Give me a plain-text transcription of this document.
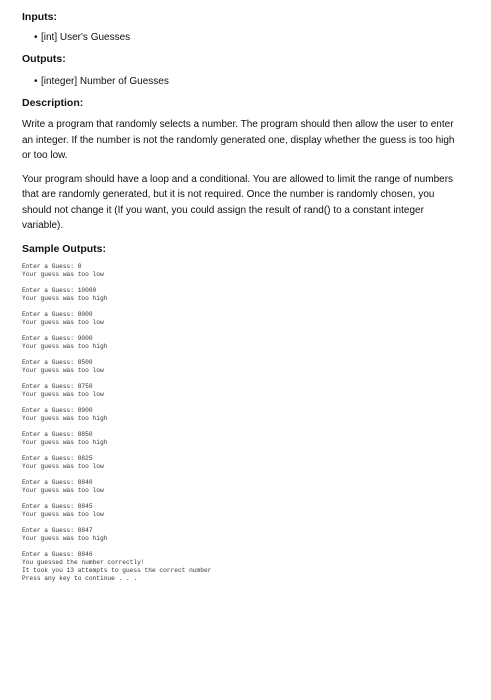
Inputs:

• [int] User's Guesses

Outputs:

• [integer] Number of Guesses

Description:

Write a program that randomly selects a number. The program should then allow the user to enter an integer. If the number is not the randomly generated one, display whether the guess is too high or too low.

Your program should have a loop and a conditional. You are allowed to limit the range of numbers that are randomly generated, but it is not required. Once the number is randomly chosen, you should not change it (If you want, you could assign the result of rand() to a constant integer variable).

Sample Outputs:

Enter a Guess: 0
Your guess was too low
Enter a Guess: 10000
Your guess was too high
Enter a Guess: 8000
Your guess was too low
Enter a Guess: 9000
Your guess was too high
Enter a Guess: 8500
Your guess was too low
Enter a Guess: 8750
Your guess was too low
Enter a Guess: 8900
Your guess was too high
Enter a Guess: 8850
Your guess was too high
Enter a Guess: 8825
Your guess was too low
Enter a Guess: 8840
Your guess was too low
Enter a Guess: 8845
Your guess was too low
Enter a Guess: 8847
Your guess was too high
Enter a Guess: 8846
You guessed the number correctly!
It took you 13 attempts to guess the correct number
Press any key to continue . . .
